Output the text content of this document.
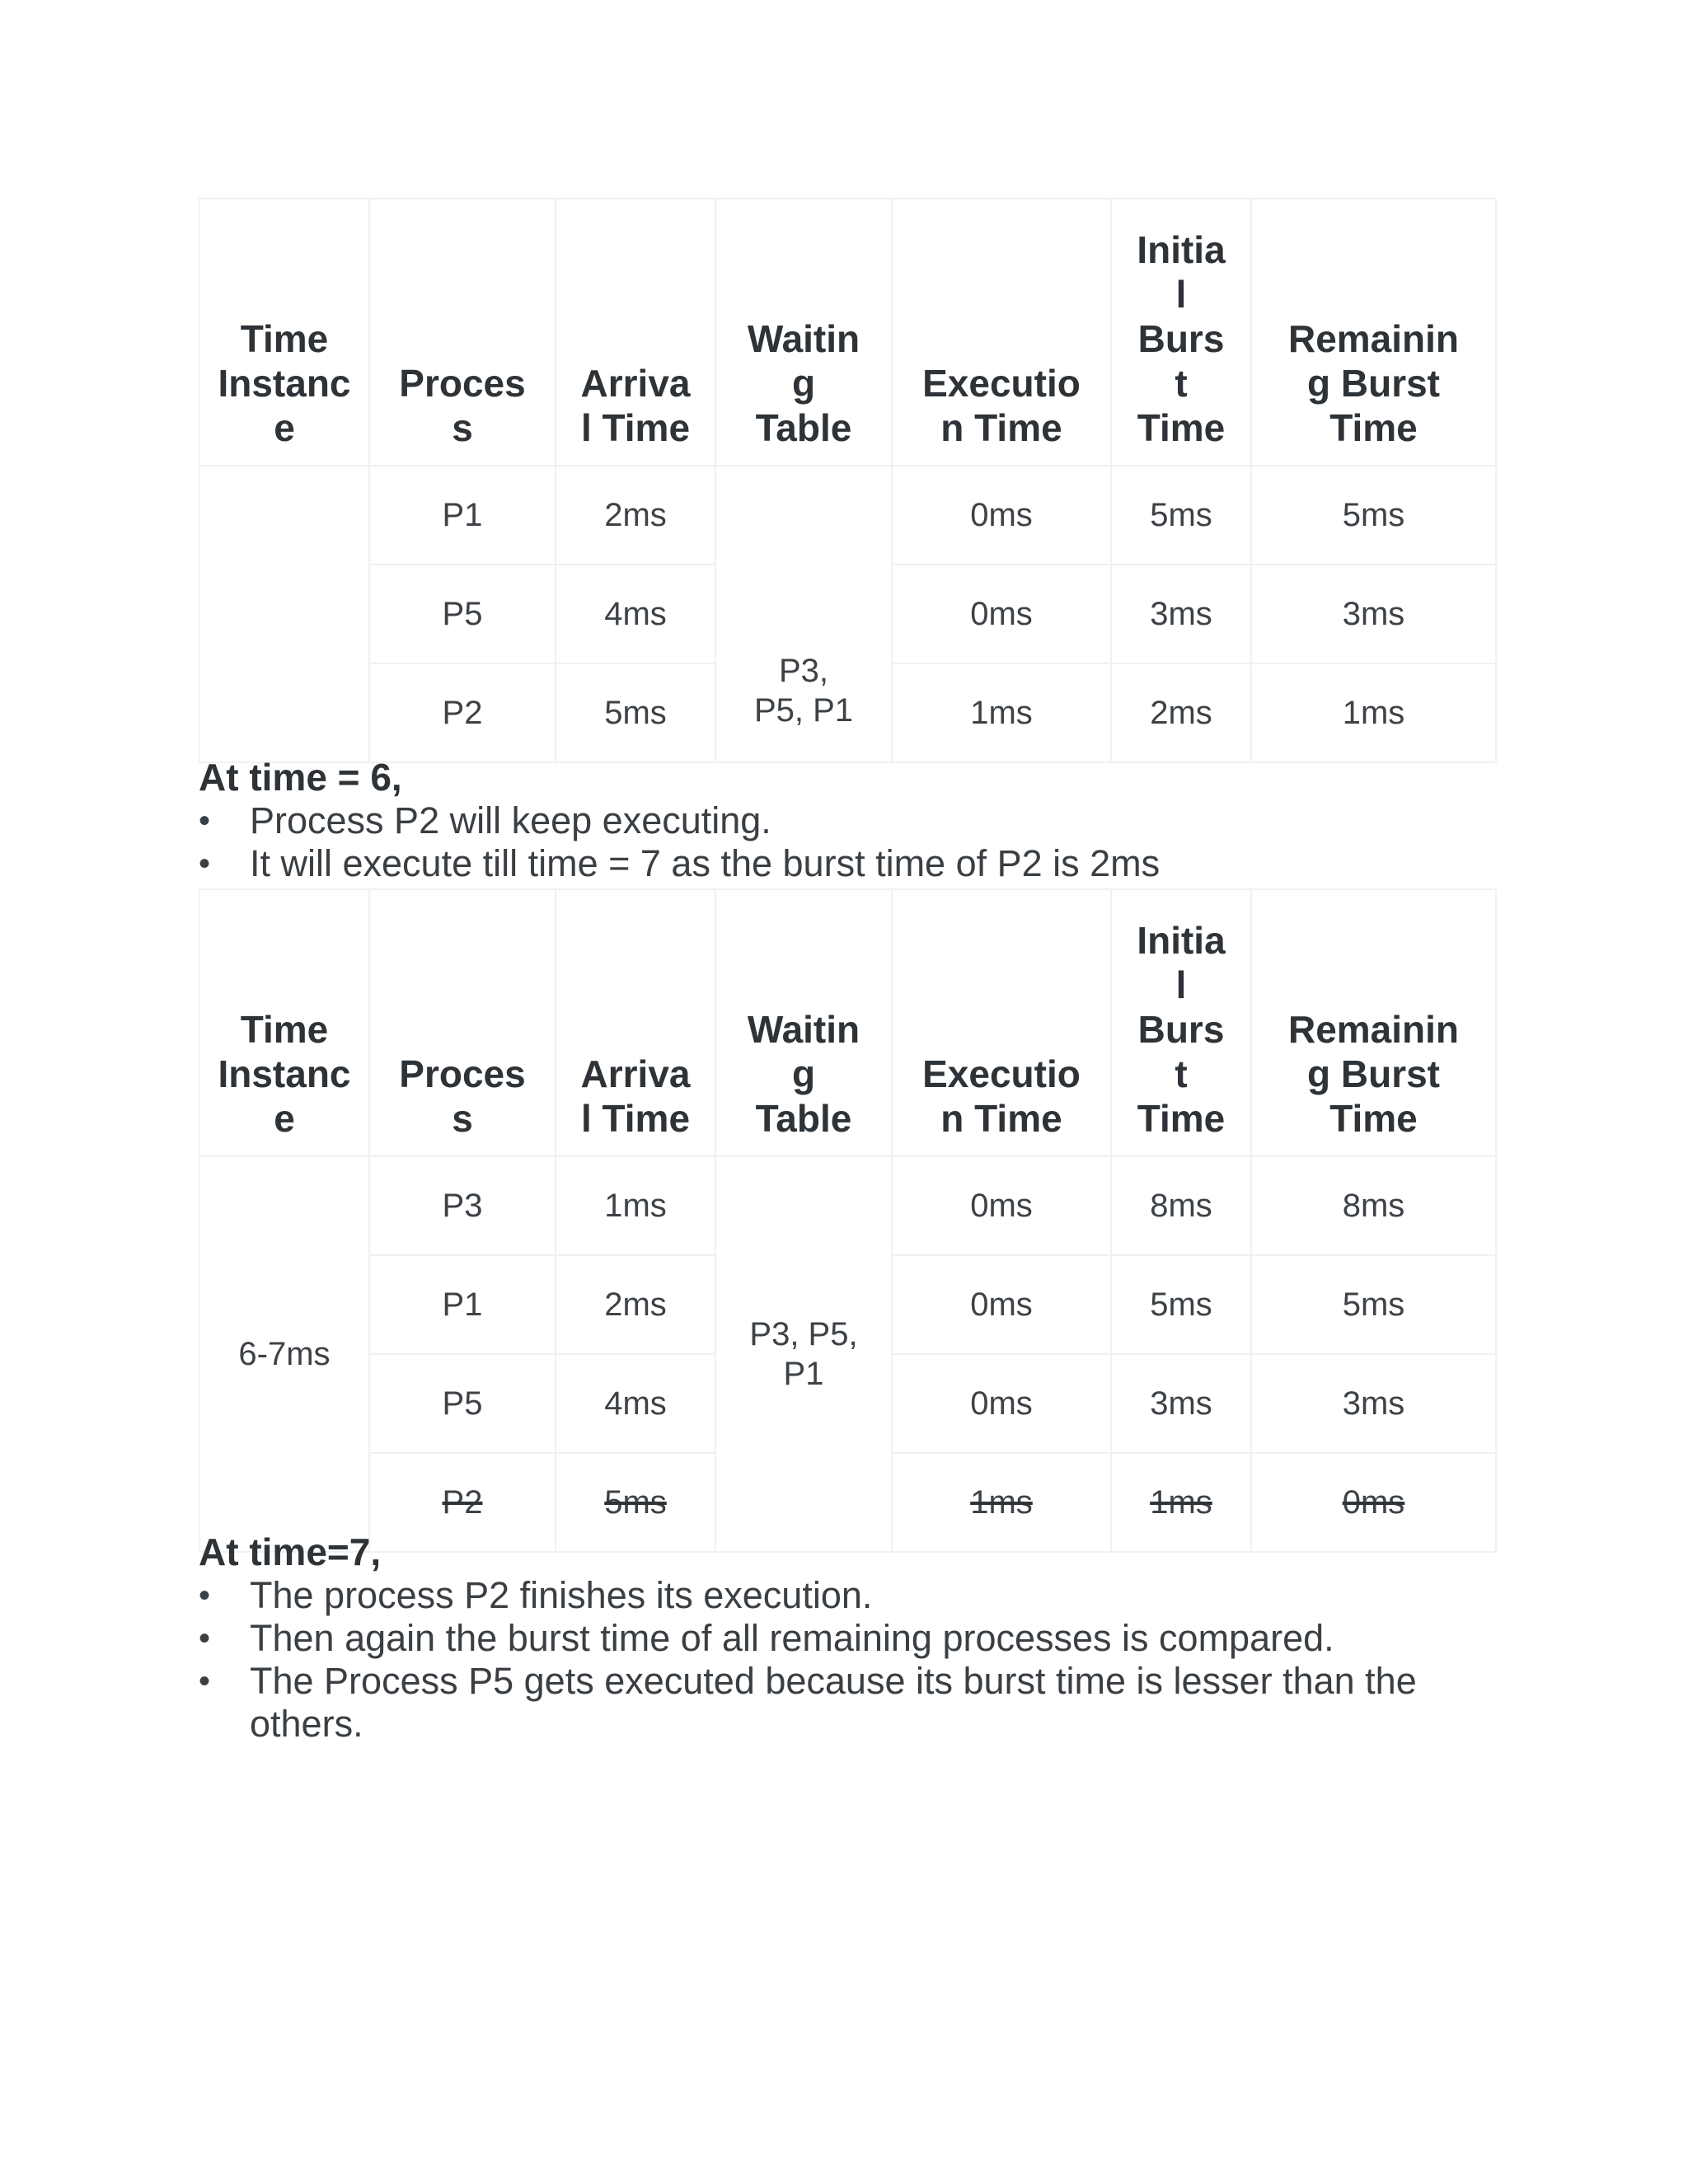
Time
Instanc
e	Proces
s	Arriva
l Time	Waitin
g
Table	Executio
n Time	Initia
l
Burs
t
Time	Remainin
g Burst
Time

	P1	2ms	P3,
P5, P1	0ms	5ms	5ms
	P5	4ms		0ms	3ms	3ms
	P2	5ms		1ms	2ms	1ms

At time = 6,

• Process P2 will keep executing.
• It will execute till time = 7 as the burst time of P2 is 2ms
Time
Instanc
e	Proces
s	Arriva
l Time	Waitin
g
Table	Executio
n Time	Initia
l
Burs
t
Time	Remainin
g Burst
Time

6-7ms	P3	1ms	P3, P5,
P1	0ms	8ms	8ms
	P1	2ms		0ms	5ms	5ms
	P5	4ms		0ms	3ms	3ms
	P2	5ms		1ms	1ms	0ms

At time=7,

• The process P2 finishes its execution.
• Then again the burst time of all remaining processes is compared.
• The Process P5 gets executed because its burst time is lesser than the others.
